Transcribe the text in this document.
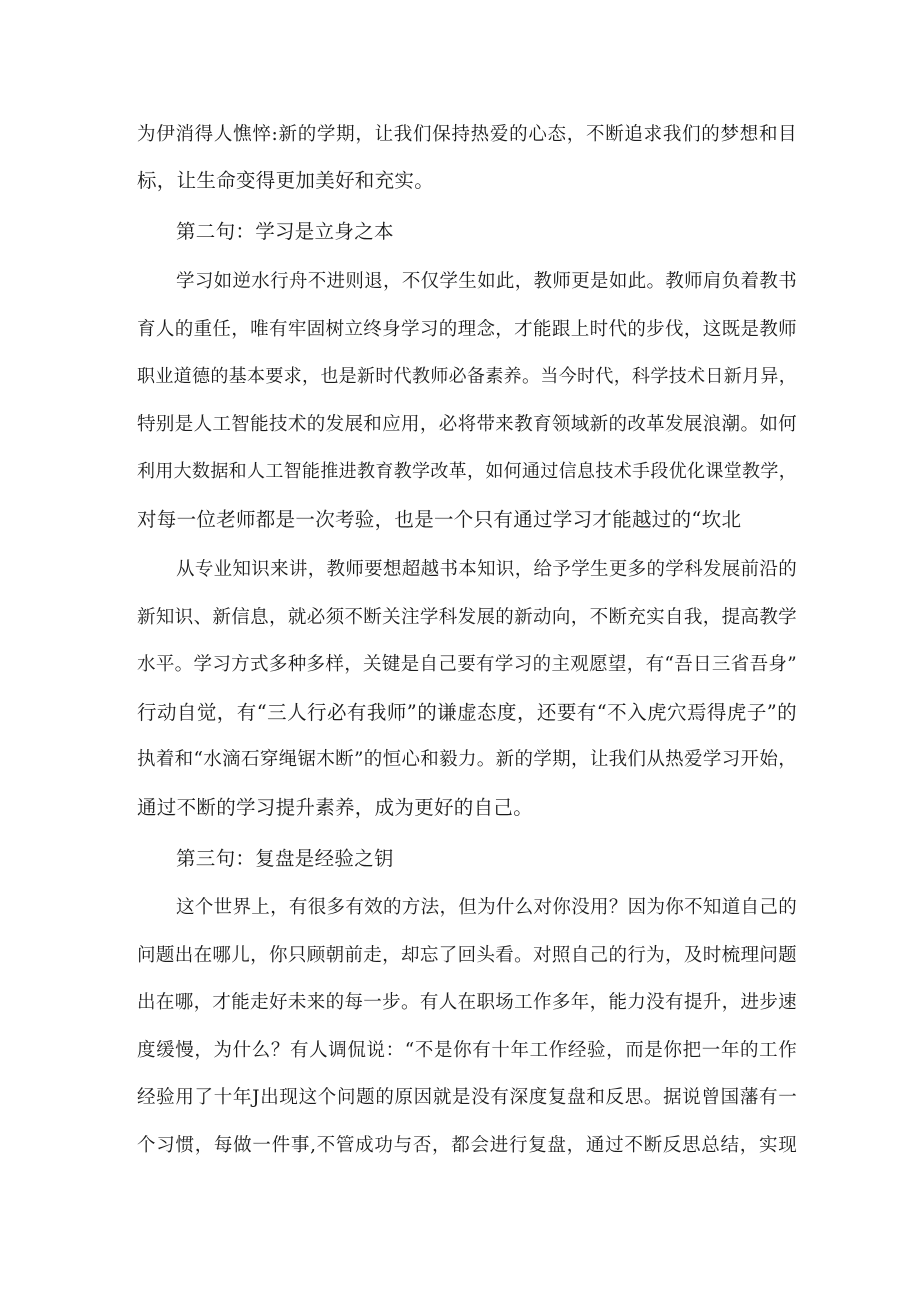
为伊消得人憔悴:新的学期，让我们保持热爱的心态，不断追求我们的梦想和目
标，让生命变得更加美好和充实。
第二句：学习是立身之本
学习如逆水行舟不进则退，不仅学生如此，教师更是如此。教师肩负着教书
育人的重任，唯有牢固树立终身学习的理念，才能跟上时代的步伐，这既是教师
职业道德的基本要求，也是新时代教师必备素养。当今时代，科学技术日新月异，
特别是人工智能技术的发展和应用，必将带来教育领域新的改革发展浪潮。如何
利用大数据和人工智能推进教育教学改革，如何通过信息技术手段优化课堂教学，
对每一位老师都是一次考验，也是一个只有通过学习才能越过的“坎北
从专业知识来讲，教师要想超越书本知识，给予学生更多的学科发展前沿的
新知识、新信息，就必须不断关注学科发展的新动向，不断充实自我，提高教学
水平。学习方式多种多样，关键是自己要有学习的主观愿望，有“吾日三省吾身”
行动自觉，有“三人行必有我师”的谦虚态度，还要有“不入虎穴焉得虎子”的
执着和“水滴石穿绳锯木断”的恒心和毅力。新的学期，让我们从热爱学习开始，
通过不断的学习提升素养，成为更好的自己。
第三句：复盘是经验之钥
这个世界上，有很多有效的方法，但为什么对你没用？因为你不知道自己的
问题出在哪儿，你只顾朝前走，却忘了回头看。对照自己的行为，及时梳理问题
出在哪，才能走好未来的每一步。有人在职场工作多年，能力没有提升，进步速
度缓慢，为什么？有人调侃说：“不是你有十年工作经验，而是你把一年的工作
经验用了十年J出现这个问题的原因就是没有深度复盘和反思。据说曾国藩有一
个习惯，每做一件事,不管成功与否，都会进行复盘，通过不断反思总结，实现
